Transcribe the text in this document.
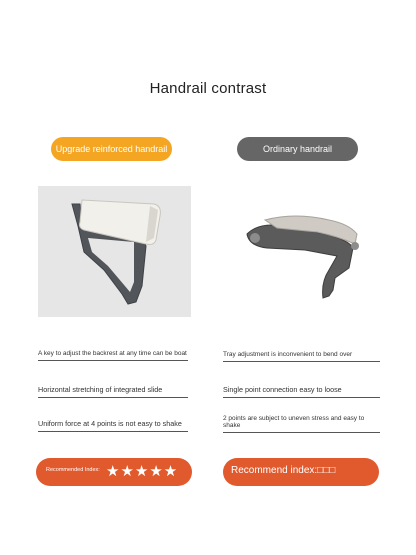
Handrail contrast
Upgrade reinforced handrail	Ordinary handrail
A key to adjust the backrest at any time can be boat
Horizontal stretching of integrated slide
Uniform force at 4 points is not easy to shake
Tray adjustment is inconvenient to bend over
Single point connection easy to loose
2 points are subject to uneven stress and easy to shake
Recommended Index: ★★★★★	Recommend index:□□□
